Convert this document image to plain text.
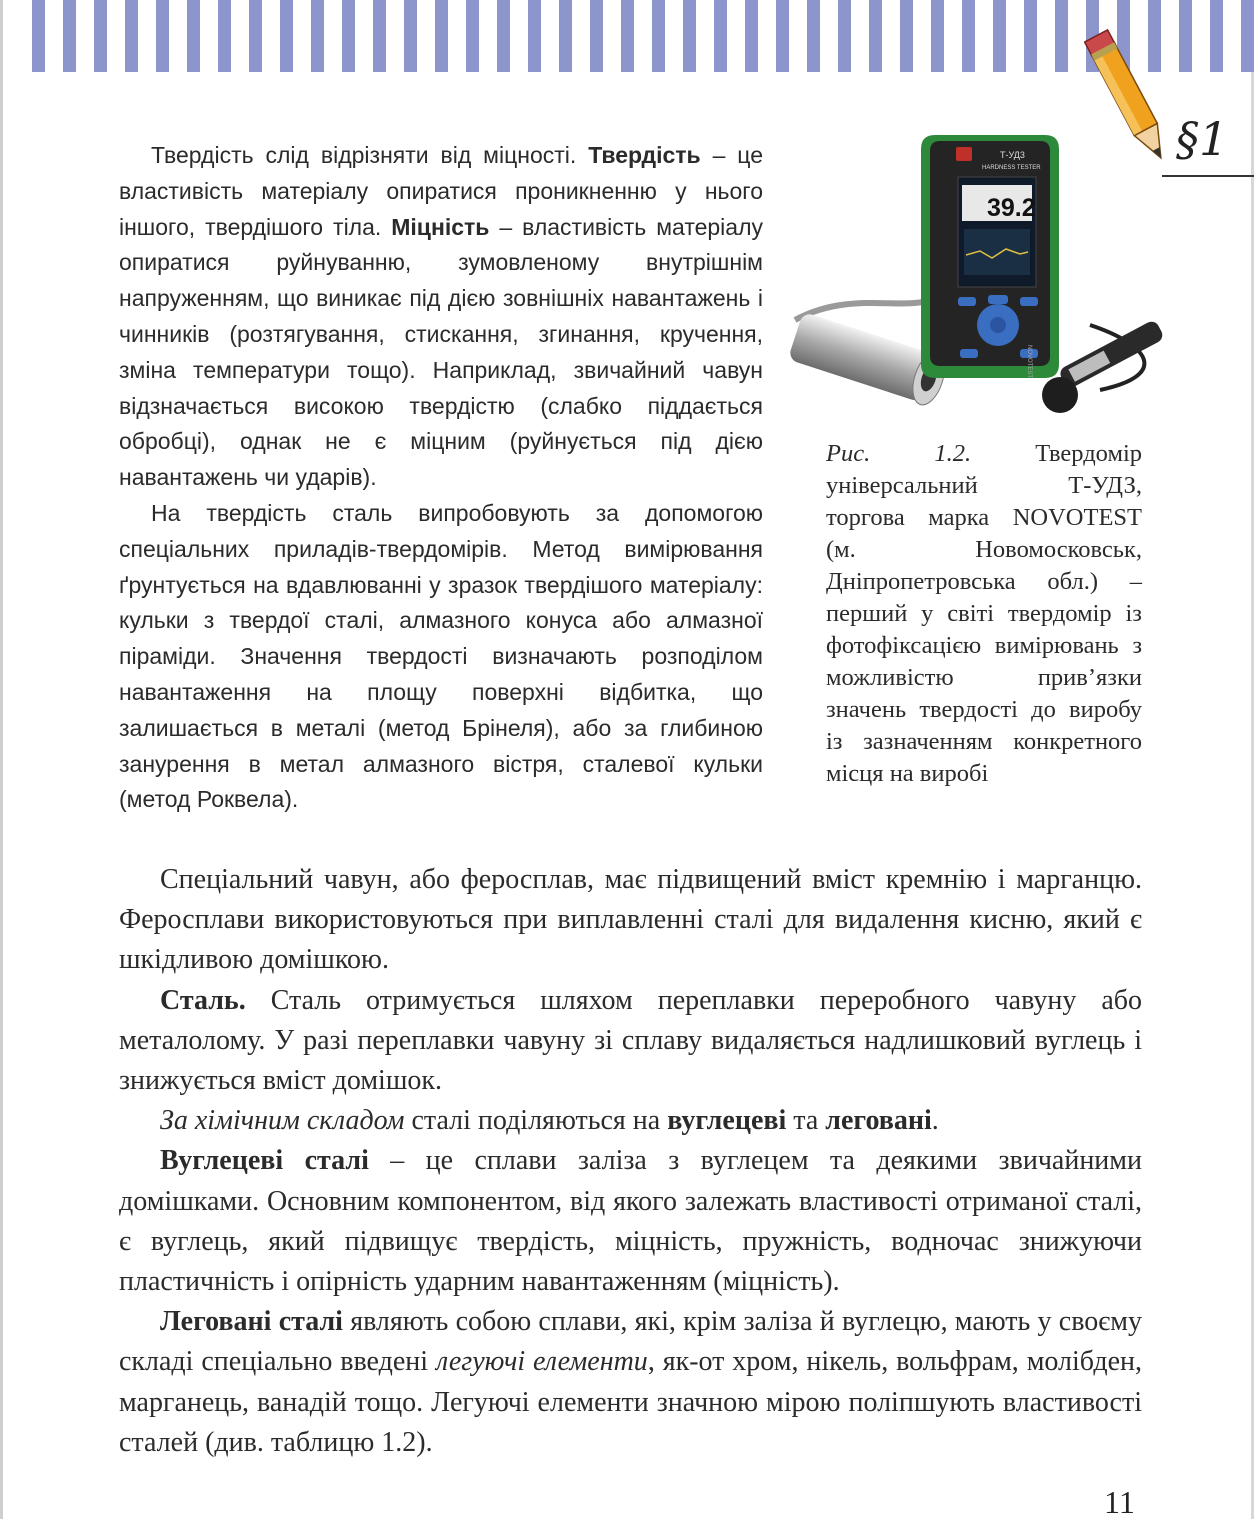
§1

Твердість слід відрізняти від міцності. Твердість – це властивість матеріалу опиратися проникненню у нього іншого, твердішого тіла. Міцність – властивість матеріалу опиратися руйнуванню, зумовленому внутрішнім напруженням, що виникає під дією зовнішніх навантажень і чинників (розтягування, стискання, згинання, кручення, зміна температури тощо). Наприклад, звичайний чавун відзначається високою твердістю (слабко піддається обробці), однак не є міцним (руйнується під дією навантажень чи ударів).

На твердість сталь випробовують за допомогою спеціальних приладів-твердомірів. Метод вимірювання ґрунтується на вдавлюванні у зразок твердішого матеріалу: кульки з твердої сталі, алмазного конуса або алмазної піраміди. Значення твердості визначають розподілом навантаження на площу поверхні відбитка, що залишається в металі (метод Брінеля), або за глибиною занурення в метал алмазного вістря, сталевої кульки (метод Роквела).

Т-УД3
HARDNESS TESTER
39.2
NOVOTEST
Рис. 1.2. Твердомір універсальний Т-УДЗ, торгова марка NOVOTEST (м. Новомосковськ, Дніпропетровська обл.) – перший у світі твердомір із фотофіксацією вимірювань з можливістю прив’язки значень твердості до виробу із зазначенням конкретного місця на виробі

Спеціальний чавун, або феросплав, має підвищений вміст кремнію і марганцю. Феросплави використовуються при виплавленні сталі для видалення кисню, який є шкідливою домішкою.

Сталь. Сталь отримується шляхом переплавки переробного чавуну або металолому. У разі переплавки чавуну зі сплаву видаляється надлишковий вуглець і знижується вміст домішок.

За хімічним складом сталі поділяються на вуглецеві та леговані.

Вуглецеві сталі – це сплави заліза з вуглецем та деякими звичайними домішками. Основним компонентом, від якого залежать властивості отриманої сталі, є вуглець, який підвищує твердість, міцність, пружність, водночас знижуючи пластичність і опірність ударним навантаженням (міцність).

Леговані сталі являють собою сплави, які, крім заліза й вуглецю, мають у своєму складі спеціально введені легуючі елементи, як-от хром, нікель, вольфрам, молібден, марганець, ванадій тощо. Легуючі елементи значною мірою поліпшують властивості сталей (див. таблицю 1.2).

11
